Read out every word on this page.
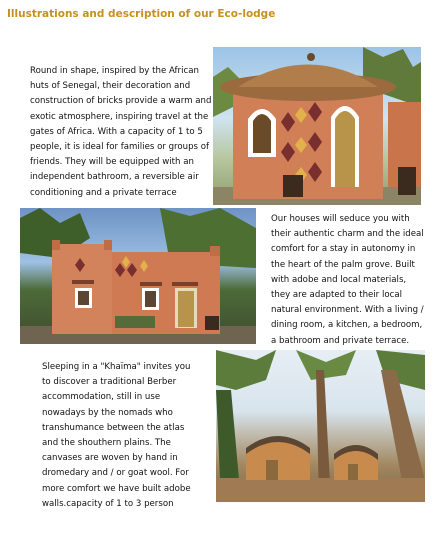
Illustrations and description of our Eco-lodge

Round in shape, inspired by the African
huts of Senegal, their decoration and
construction of bricks provide a warm and
exotic atmosphere, inspiring travel at the
gates of Africa. With a capacity of 1 to 5
people, it is ideal for families or groups of
friends. They will be equipped with an
independent bathroom, a reversible air
conditioning and a private terrace

Our houses will seduce you with
their authentic charm and the ideal
comfort for a stay in autonomy in
the heart of the palm grove. Built
with adobe and local materials,
they are adapted to their local
natural environment. With a living /
dining room, a kitchen, a bedroom,
a bathroom and private terrace.

Sleeping in a "Khaïma" invites you
to discover a traditional Berber
accommodation, still in use
nowadays by the nomads who
transhumance between the atlas
and the shouthern plains. The
canvases are woven by hand in
dromedary and / or goat wool. For
more comfort we have built adobe
walls.capacity of 1 to 3 person
